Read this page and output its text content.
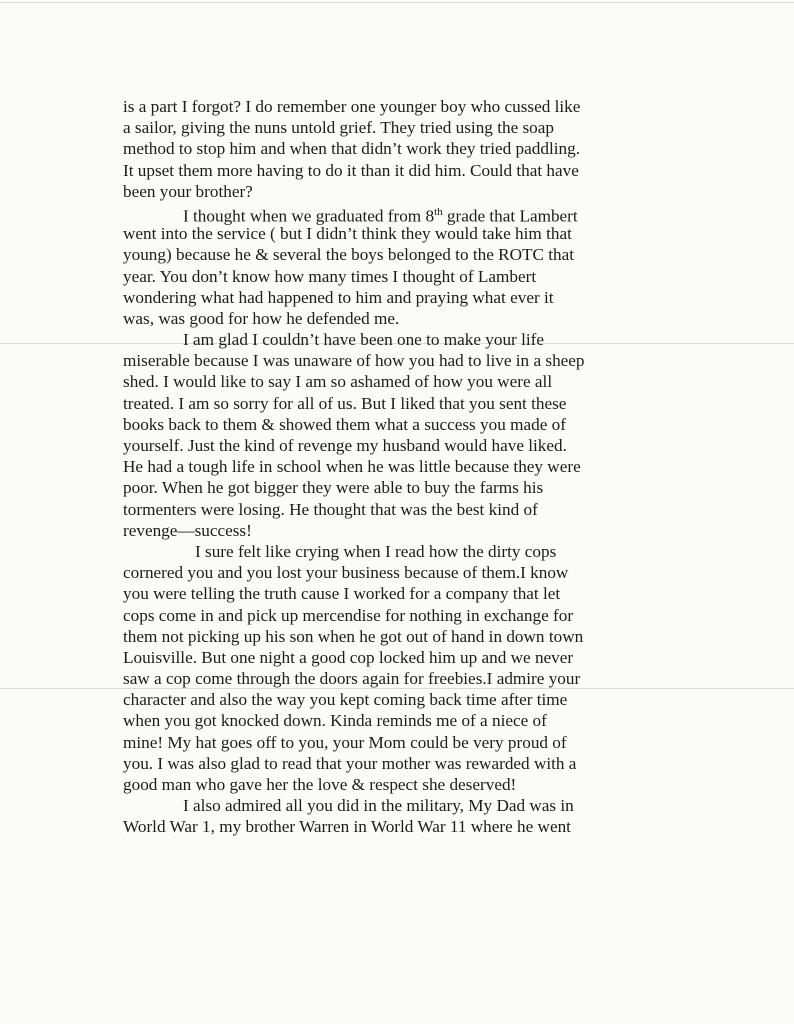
is a part I forgot? I do remember one younger boy who cussed like
a sailor, giving the nuns untold grief. They tried using the soap
method to stop him and when that didn’t work they tried paddling.
It upset them more having to do it than it did him. Could that have
been your brother?
I thought when we graduated from 8th grade that Lambert
went into the service ( but I didn’t think they would take him that
young) because he & several the boys belonged to the ROTC that
year. You don’t know how many times I thought of Lambert
wondering what had happened to him and praying what ever it
was, was good for how he defended me.
I am glad I couldn’t have been one to make your life
miserable because I was unaware of how you had to live in a sheep
shed. I would like to say I am so ashamed of how you were all
treated. I am so sorry for all of us. But I liked that you sent these
books back to them & showed them what a success you made of
yourself. Just the kind of revenge my husband would have liked.
He had a tough life in school when he was little because they were
poor. When he got bigger they were able to buy the farms his
tormenters were losing. He thought that was the best kind of
revenge—success!
I sure felt like crying when I read how the dirty cops
cornered you and you lost your business because of them.I know
you were telling the truth cause I worked for a company that let
cops come in and pick up mercendise for nothing in exchange for
them not picking up his son when he got out of hand in down town
Louisville. But one night a good cop locked him up and we never
saw a cop come through the doors again for freebies.I admire your
character and also the way you kept coming back time after time
when you got knocked down. Kinda reminds me of a niece of
mine! My hat goes off to you, your Mom could be very proud of
you. I was also glad to read that your mother was rewarded with a
good man who gave her the love & respect she deserved!
I also admired all you did in the military, My Dad was in
World War 1, my brother Warren in World War 11 where he went
